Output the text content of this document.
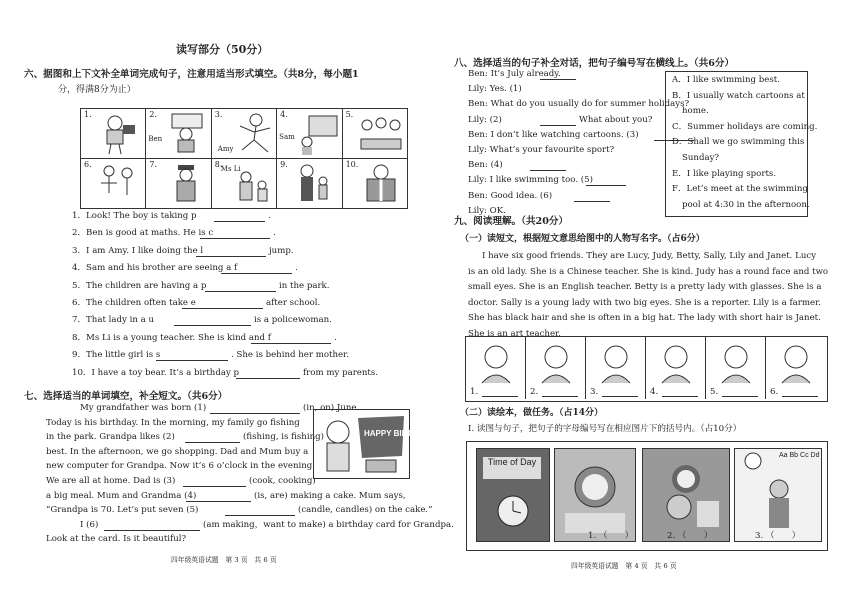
读写部分（50分）
六、据图和上下文补全单词完成句子，注意用适当形式填空。（共8分，每小题1
分，得满8分为止）
1.	2.
Ben	3.
Amy	4.
Sam	5.

6.	7.	8.
Ms Li	9.	10.
1．Look! The boy is taking p	.
2．Ben is good at maths. He is c	.
3．I am Amy. I like doing the l	jump.
4．Sam and his brother are seeing a f	.
5．The children are having a p	in the park.
6．The children often take e	after school.
7．That lady in a u	is a policewoman.
8．Ms Li is a young teacher. She is kind and f	.
9．The little girl is s	. She is behind her mother.
10．I have a toy bear. It’s a birthday p	from my parents.
七、选择适当的单词填空，补全短文。（共6分）
My grandfather was born (1)	(in, on) June.
Today is his birthday. In the morning, my family go fishing
in the park. Grandpa likes (2)	(fishing, is fishing)
best. In the afternoon, we go shopping. Dad and Mum buy a
new computer for Grandpa. Now it’s 6 o’clock in the evening.
We are all at home. Dad is (3)	(cook, cooking)
a big meal. Mum and Grandma (4)	(is, are) making a cake. Mum says,
“Grandpa is 70. Let’s put seven (5)	(candle, candles) on the cake.”
I (6)	(am making，want to make) a birthday card for Grandpa.
Look at the card. Is it beautiful?
HAPPY BIRTHDAY
四年级英语试题　第 3 页　共 6 页
八、选择适当的句子补全对话，把句子编号写在横线上。（共6分）
Ben: It’s July already.
Lily: Yes. (1)
Ben: What do you usually do for summer holidays?
Lily: (2)	What about you?
Ben: I don’t like watching cartoons. (3)
Lily: What’s your favourite sport?
Ben: (4)
Lily: I like swimming too. (5)
Ben: Good idea. (6)
Lily: OK.
A．I like swimming best.
B．I usually watch cartoons at
home.
C．Summer holidays are coming.
D．Shall we go swimming this
Sunday?
E．I like playing sports.
F．Let’s meet at the swimming
pool at 4:30 in the afternoon.
九、阅读理解。（共20分）
（一）读短文，根据短文意思给图中的人物写名字。（占6分）
I have six good friends. They are Lucy, Judy, Betty, Sally, Lily and Janet. Lucy
is an old lady. She is a Chinese teacher. She is kind. Judy has a round face and two
small eyes. She is an English teacher. Betty is a pretty lady with glasses. She is a
doctor. Sally is a young lady with two big eyes. She is a reporter. Lily is a farmer.
She has black hair and she is often in a big hat. The lady with short hair is Janet.
She is an art teacher.
1.	2.	3.	4.	5.	6.
（二）读绘本，做任务。（占14分）
I. 读图与句子，把句子的字母编号写在相应图片下的括号内。（占10分）
Time of Day
1. （　　）	2. （　　）
Aa Bb Cc Dd
3. （　　）
四年级英语试题　第 4 页　共 6 页
